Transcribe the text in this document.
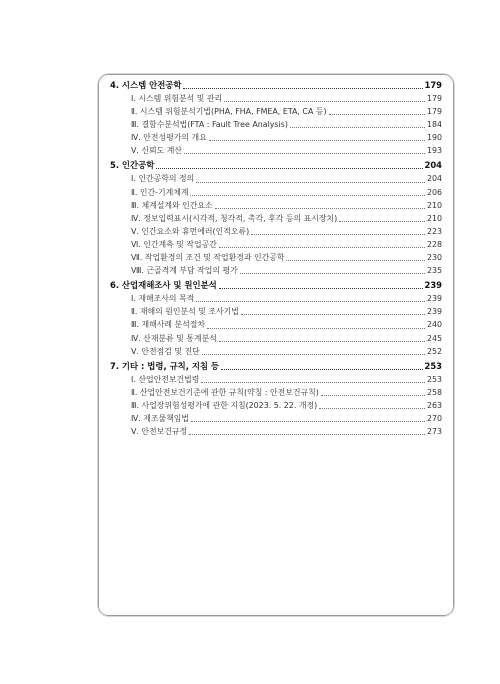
4. 시스템 안전공학	179
Ⅰ. 시스템 위험분석 및 관리	179
Ⅱ. 시스템 위험분석기법(PHA, FHA, FMEA, ETA, CA 등)	179
Ⅲ. 결함수분석법(FTA : Fault Tree Analysis)	184
Ⅳ. 안전성평가의 개요	190
Ⅴ. 신뢰도 계산	193
5. 인간공학	204
Ⅰ. 인간공학의 정의	204
Ⅱ. 인간-기계체계	206
Ⅲ. 체계설계와 인간요소	210
Ⅳ. 정보입력표시(시각적, 청각적, 촉각, 후각 등의 표시장치)	210
Ⅴ. 인간요소와 휴먼에러(인적오류)	223
Ⅵ. 인간계측 및 작업공간	228
Ⅶ. 작업환경의 조건 및 작업환경과 인간공학	230
Ⅷ. 근골격계 부담 작업의 평가	235
6. 산업재해조사 및 원인분석	239
Ⅰ. 재해조사의 목적	239
Ⅱ. 재해의 원인분석 및 조사기법	239
Ⅲ. 재해사례 분석절차	240
Ⅳ. 산재분류 및 통계분석	245
Ⅴ. 안전점검 및 진단	252
7. 기타 : 법령, 규칙, 지침 등	253
Ⅰ. 산업안전보건법령	253
Ⅱ. 산업안전보건기준에 관한 규칙(약칭 : 안전보건규칙)	258
Ⅲ. 사업장위험성평가에 관한 지침(2023. 5. 22. 개정)	263
Ⅳ. 제조물책임법	270
Ⅴ. 안전보건규정	273
